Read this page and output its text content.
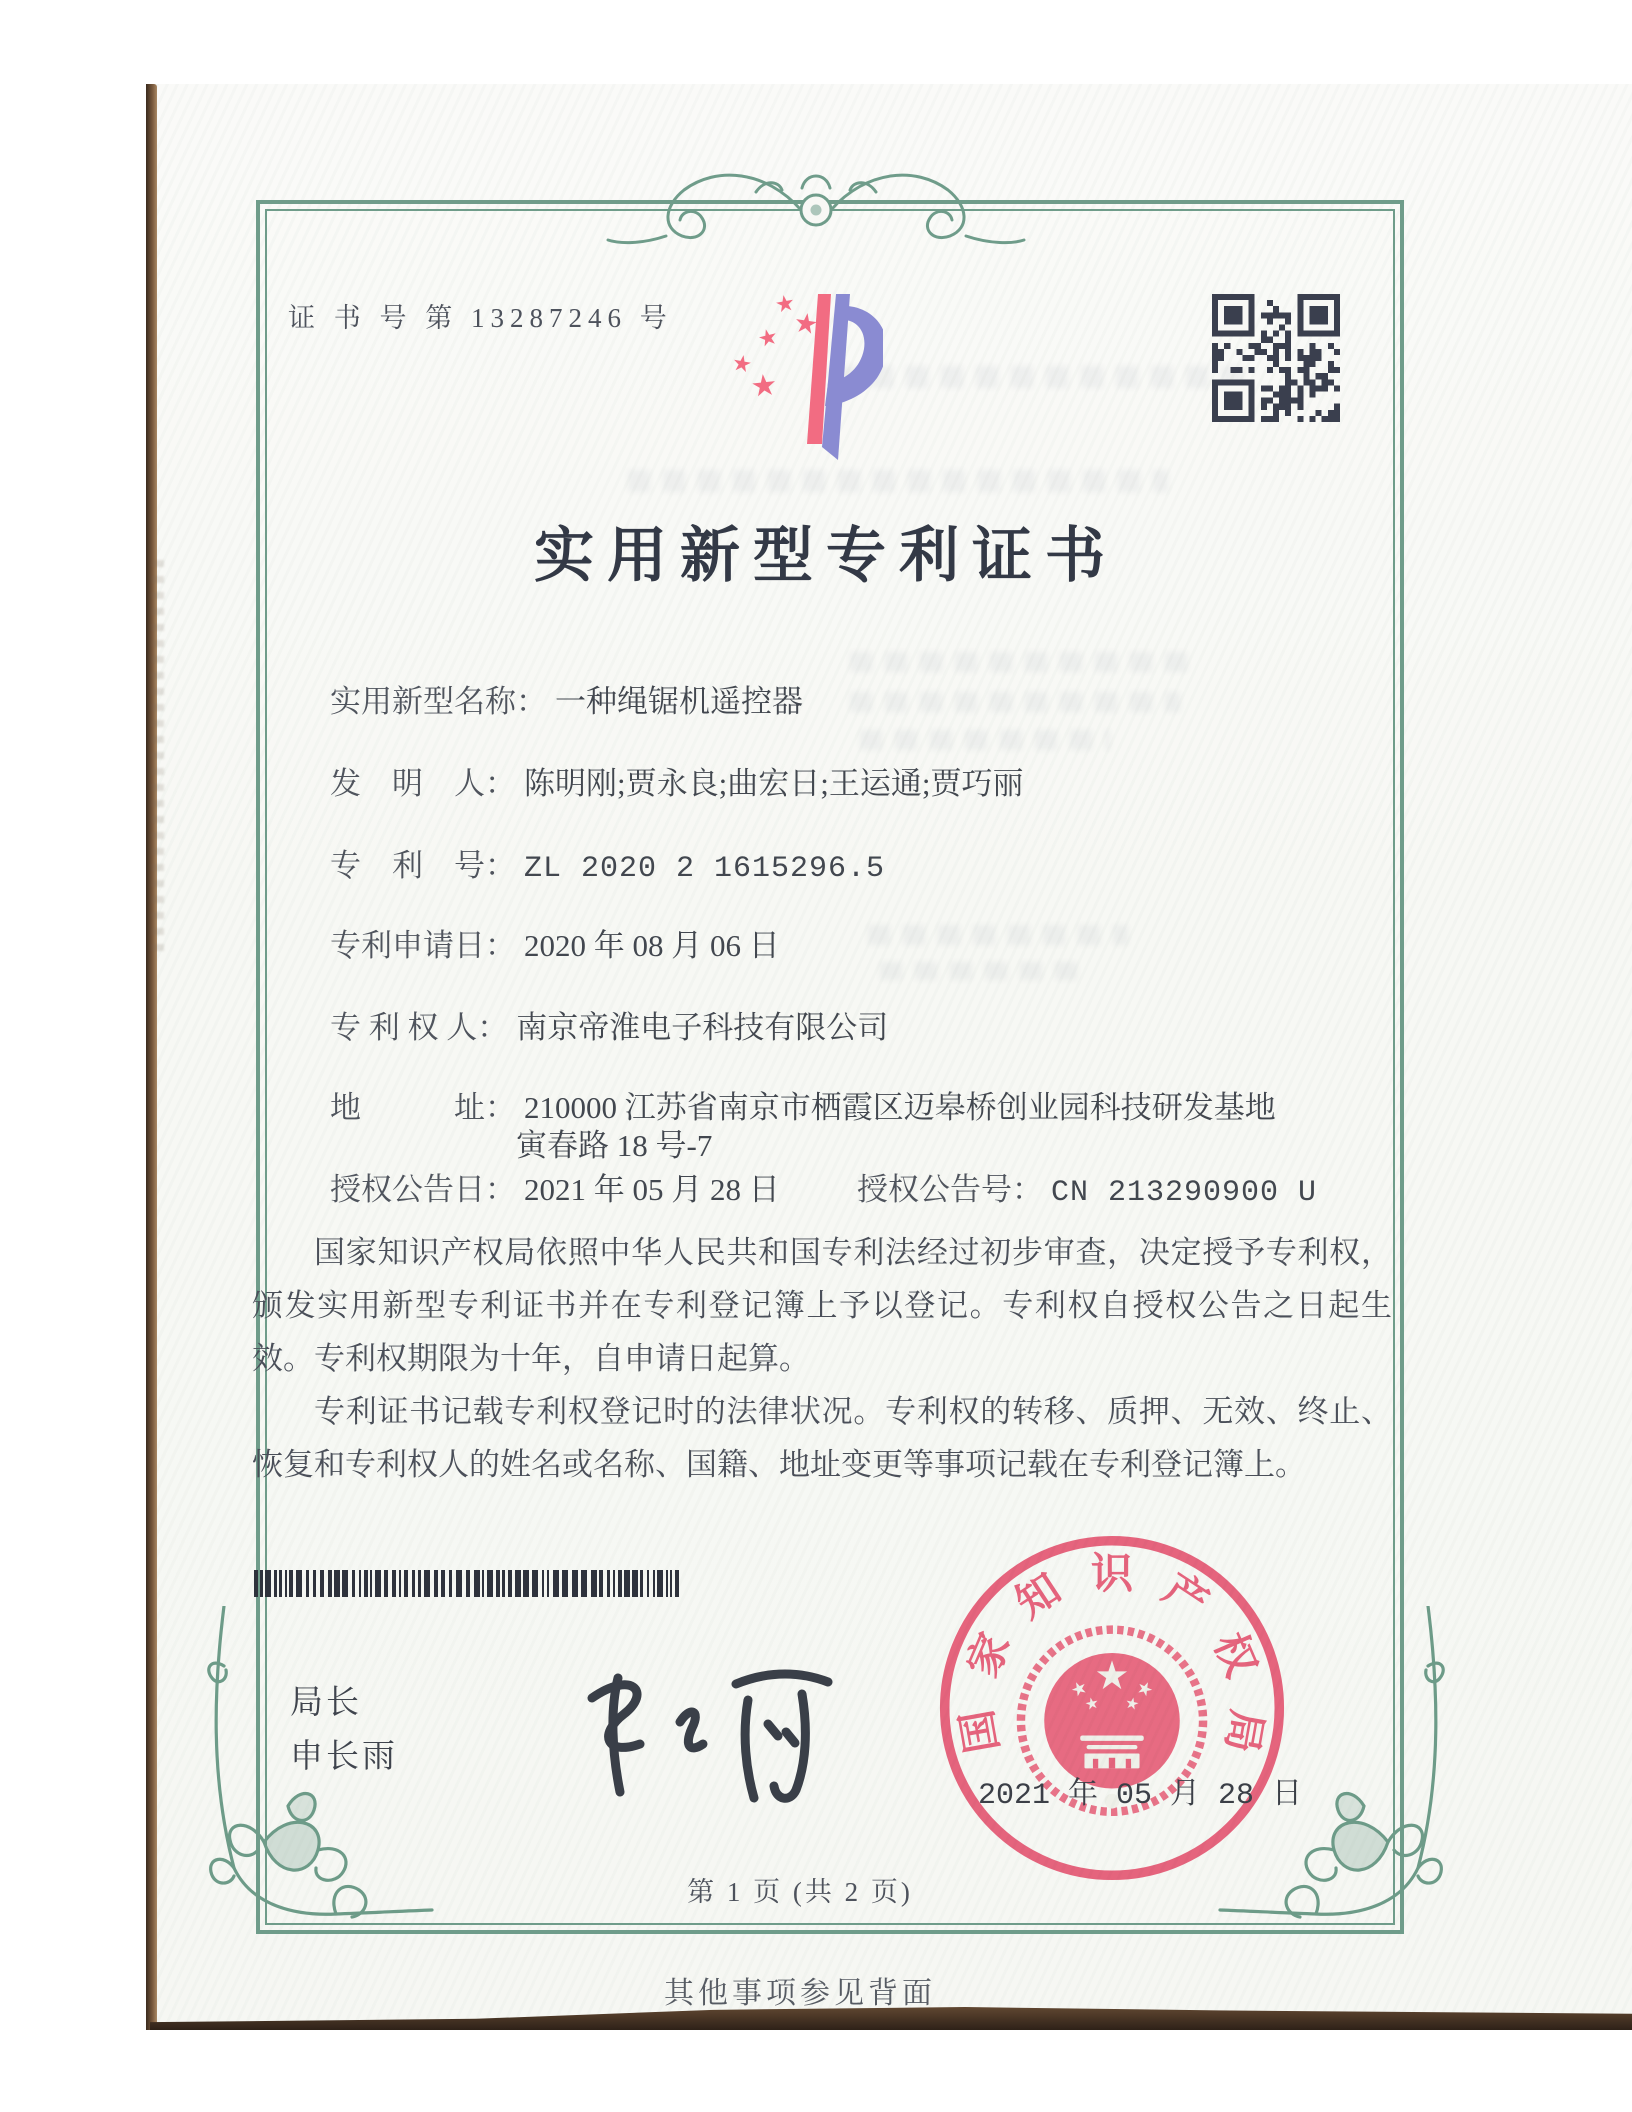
证 书 号 第 13287246 号
实用新型专利证书
实用新型名称： 一种绳锯机遥控器
发　明　人： 陈明刚;贾永良;曲宏日;王运通;贾巧丽
专　利　号： ZL 2020 2 1615296.5
专利申请日： 2020 年 08 月 06 日
专 利 权 人： 南京帝淮电子科技有限公司
地　　　址： 210000 江苏省南京市栖霞区迈皋桥创业园科技研发基地
寅春路 18 号-7
授权公告日： 2021 年 05 月 28 日 授权公告号： CN 213290900 U

国家知识产权局依照中华人民共和国专利法经过初步审查，决定授予专利权，颁发实用新型专利证书并在专利登记簿上予以登记。专利权自授权公告之日起生效。专利权期限为十年，自申请日起算。

专利证书记载专利权登记时的法律状况。专利权的转移、质押、无效、终止、恢复和专利权人的姓名或名称、国籍、地址变更等事项记载在专利登记簿上。

局长
申长雨
国
家
知 识 产
权
局
2021 年 05 月 28 日
第 1 页 (共 2 页)
其他事项参见背面
